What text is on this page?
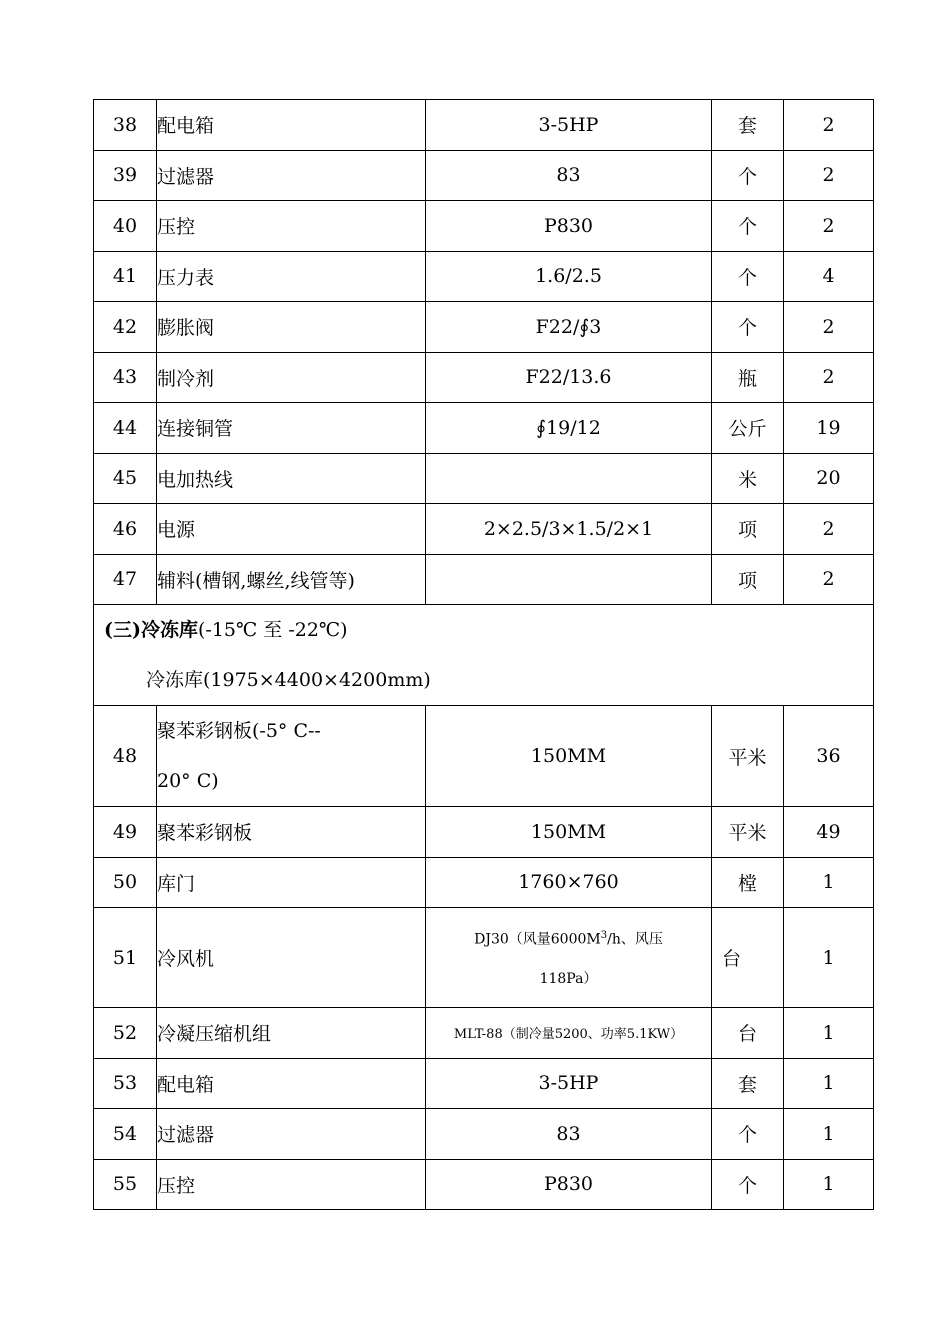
38	配电箱	3-5HP	套	2
39	过滤器	83	个	2
40	压控	P830	个	2
41	压力表	1.6/2.5	个	4
42	膨胀阀	F22/∮3	个	2
43	制冷剂	F22/13.6	瓶	2
44	连接铜管	∮19/12	公斤	19
45	电加热线		米	20
46	电源	2×2.5/3×1.5/2×1	项	2
47	辅料(槽钢,螺丝,线管等)		项	2

(三)冷冻库(-15℃ 至 -22℃)
冷冻库(1975×4400×4200mm)				

48	聚苯彩钢板(-5° C--
20° C)	150MM	平米	36
49	聚苯彩钢板	150MM	平米	49
50	库门	1760×760	樘	1
51	冷风机	DJ30（风量$6000M^3/h$、风压
118Pa）	台	1
52	冷凝压缩机组	MLT-88（制冷量5200、功率5.1KW）	台	1
53	配电箱	3-5HP	套	1
54	过滤器	83	个	1
55	压控	P830	个	1
